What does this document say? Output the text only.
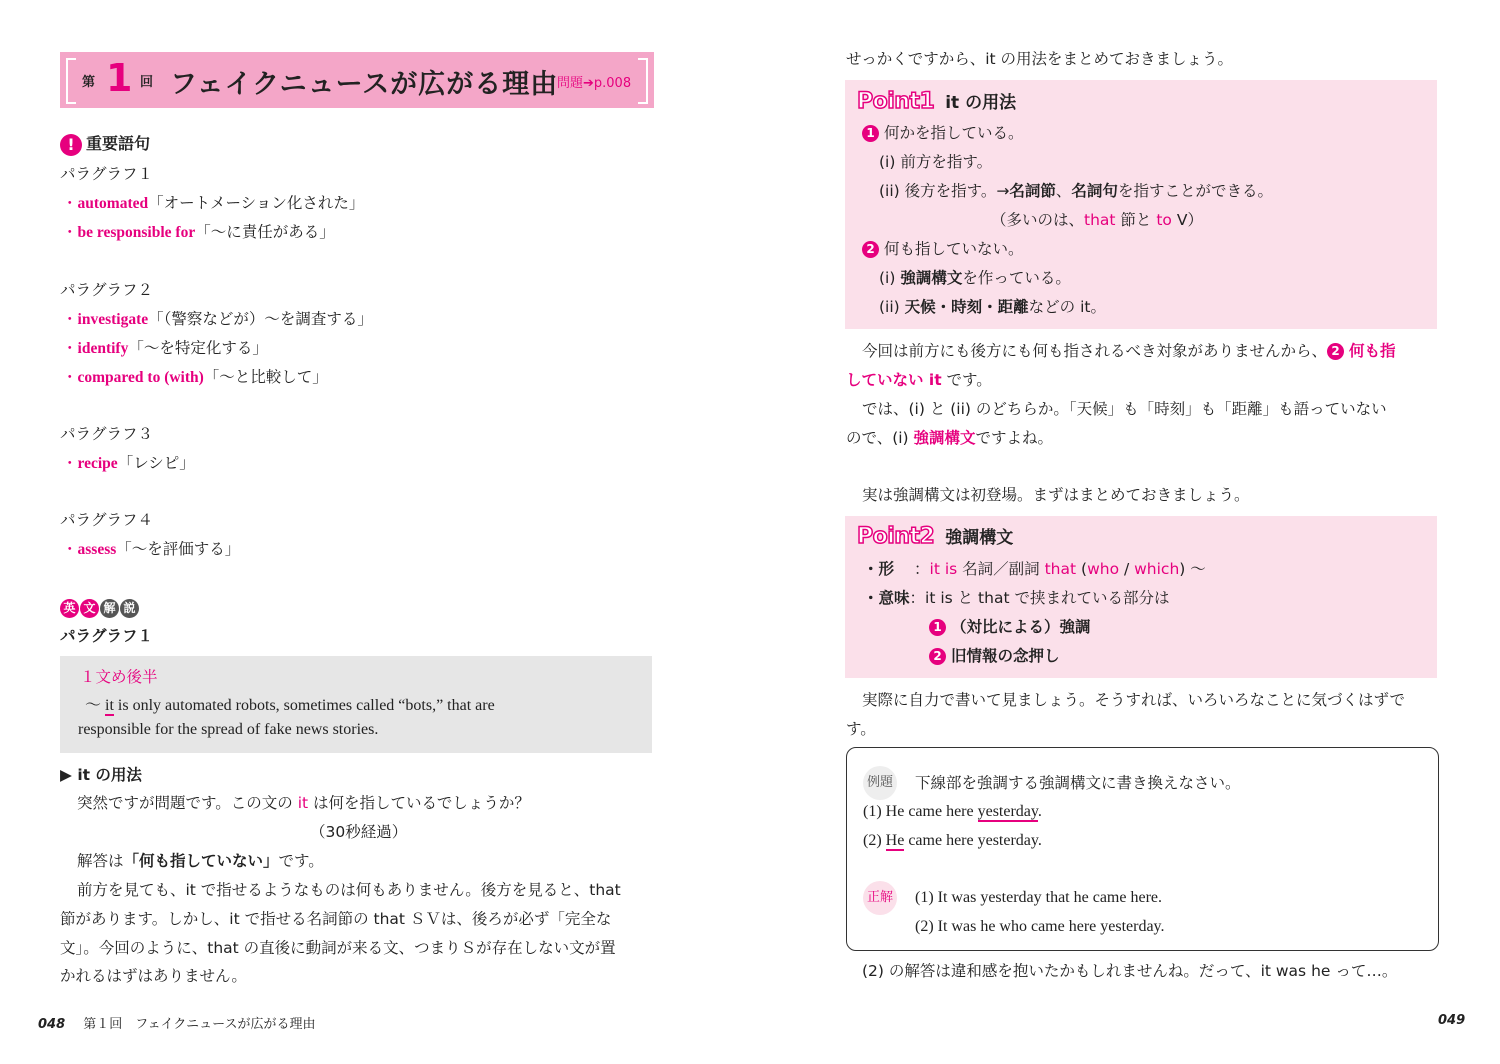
第 1 回 フェイクニュースが広がる理由
問題➔p.008
! 重要語句
パラグラフ１
・automated「オートメーション化された」
・be responsible for「〜に責任がある」
パラグラフ２
・investigate「（警察などが）〜を調査する」
・identify「〜を特定化する」
・compared to (with)「〜と比較して」
パラグラフ３
・recipe「レシピ」
パラグラフ４
・assess「〜を評価する」
英 文 解 説
パラグラフ１
１文め後半
〜 it is only automated robots, sometimes called “bots,” that are
responsible for the spread of fake news stories.
▶ it の用法
突然ですが問題です。この文の it は何を指しているでしょうか？
（30秒経過）
解答は「何も指していない」です。
前方を見ても、it で指せるようなものは何もありません。後方を見ると、that
節があります。しかし、it で指せる名詞節の that ＳＶは、後ろが必ず「完全な
文」。今回のように、that の直後に動詞が来る文、つまりＳが存在しない文が置
かれるはずはありません。
048 第１回　フェイクニュースが広がる理由
せっかくですから、it の用法をまとめておきましょう。
Point1 it の用法
1 何かを指している。
(i) 前方を指す。
(ii) 後方を指す。→名詞節、名詞句を指すことができる。
（多いのは、that 節と to V）
2 何も指していない。
(i) 強調構文を作っている。
(ii) 天候・時刻・距離などの it。
今回は前方にも後方にも何も指されるべき対象がありませんから、 2 何も指
していない it です。
では、(i) と (ii) のどちらか。「天候」も「時刻」も「距離」も語っていない
ので、(i) 強調構文ですよね。
実は強調構文は初登場。まずはまとめておきましょう。
Point2 強調構文
・形 ：it is 名詞／副詞 that (who / which) 〜
・意味：it is と that で挟まれている部分は
1 （対比による）強調
2 旧情報の念押し
実際に自力で書いて見ましょう。そうすれば、いろいろなことに気づくはずで
す。
例題 下線部を強調する強調構文に書き換えなさい。
(1) He came here yesterday.
(2) He came here yesterday.
正解 (1) It was yesterday that he came here.
(2) It was he who came here yesterday.
(2) の解答は違和感を抱いたかもしれませんね。だって、it was he って…。
049
